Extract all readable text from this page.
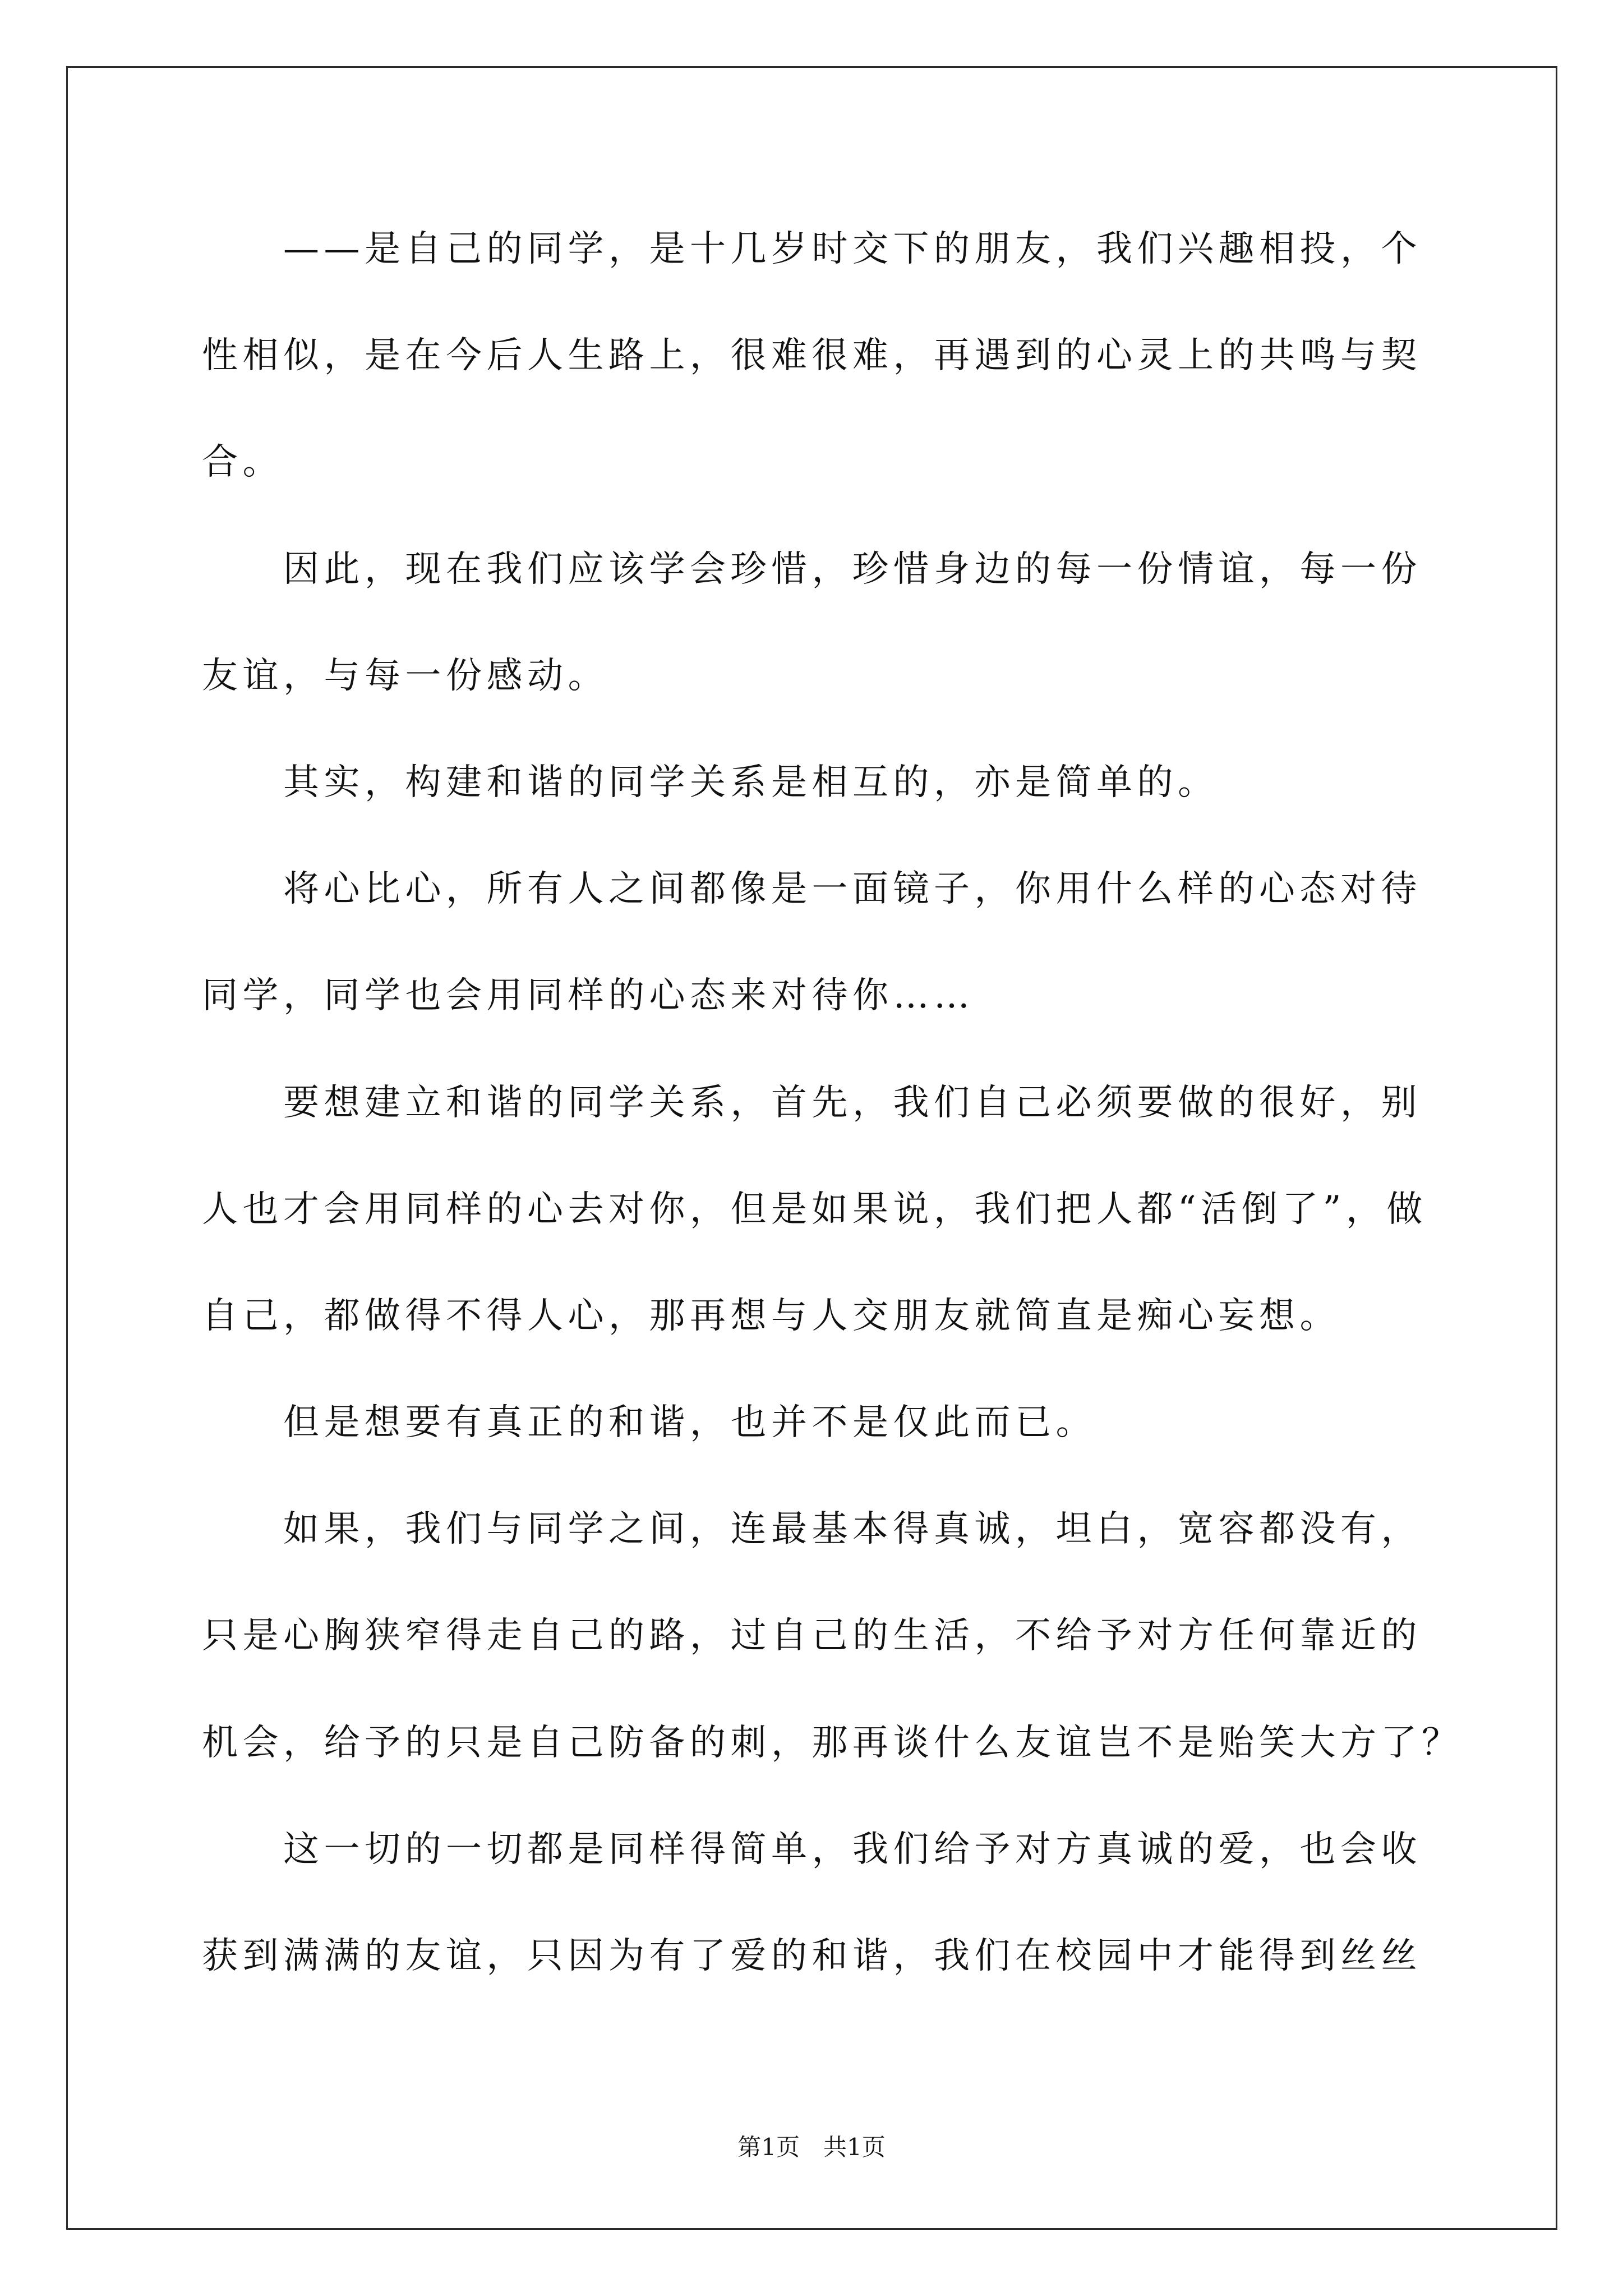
——是自己的同学，是十几岁时交下的朋友，我们兴趣相投，个
性相似，是在今后人生路上，很难很难，再遇到的心灵上的共鸣与契
合。
因此，现在我们应该学会珍惜，珍惜身边的每一份情谊，每一份
友谊，与每一份感动。
其实，构建和谐的同学关系是相互的，亦是简单的。
将心比心，所有人之间都像是一面镜子，你用什么样的心态对待
同学，同学也会用同样的心态来对待你……
要想建立和谐的同学关系，首先，我们自己必须要做的很好，别
人也才会用同样的心去对你，但是如果说，我们把人都“活倒了”，做
自己，都做得不得人心，那再想与人交朋友就简直是痴心妄想。
但是想要有真正的和谐，也并不是仅此而已。
如果，我们与同学之间，连最基本得真诚，坦白，宽容都没有，
只是心胸狭窄得走自己的路，过自己的生活，不给予对方任何靠近的
机会，给予的只是自己防备的刺，那再谈什么友谊岂不是贻笑大方了？
这一切的一切都是同样得简单，我们给予对方真诚的爱，也会收
获到满满的友谊，只因为有了爱的和谐，我们在校园中才能得到丝丝
第1页　共1页
